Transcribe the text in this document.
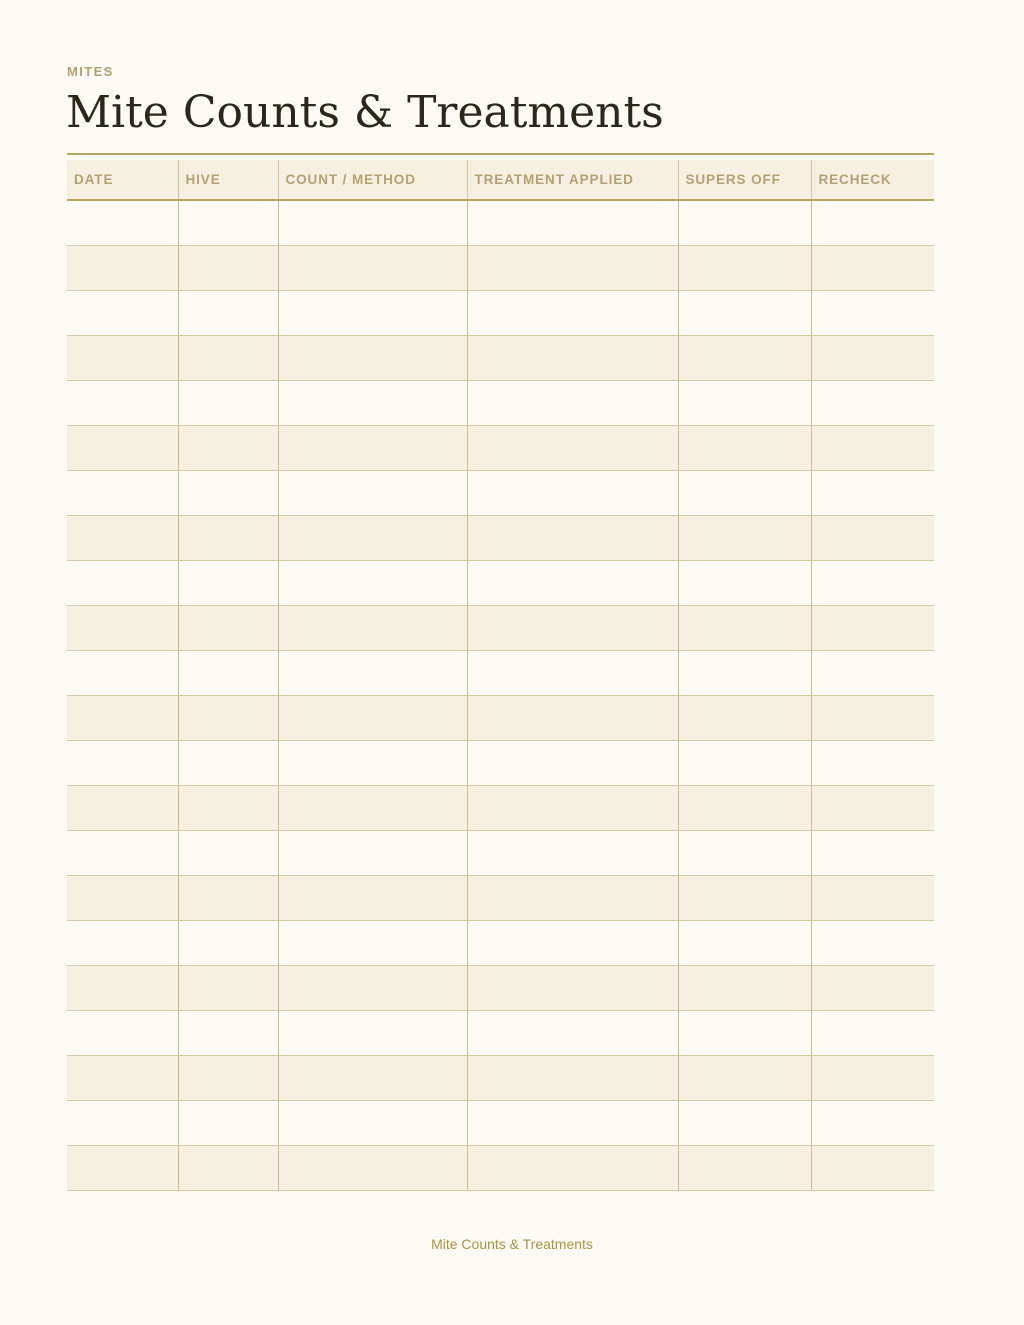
MITES

Mite Counts & Treatments
DATE	HIVE	COUNT / METHOD	TREATMENT APPLIED	SUPERS OFF	RECHECK

Mite Counts & Treatments
